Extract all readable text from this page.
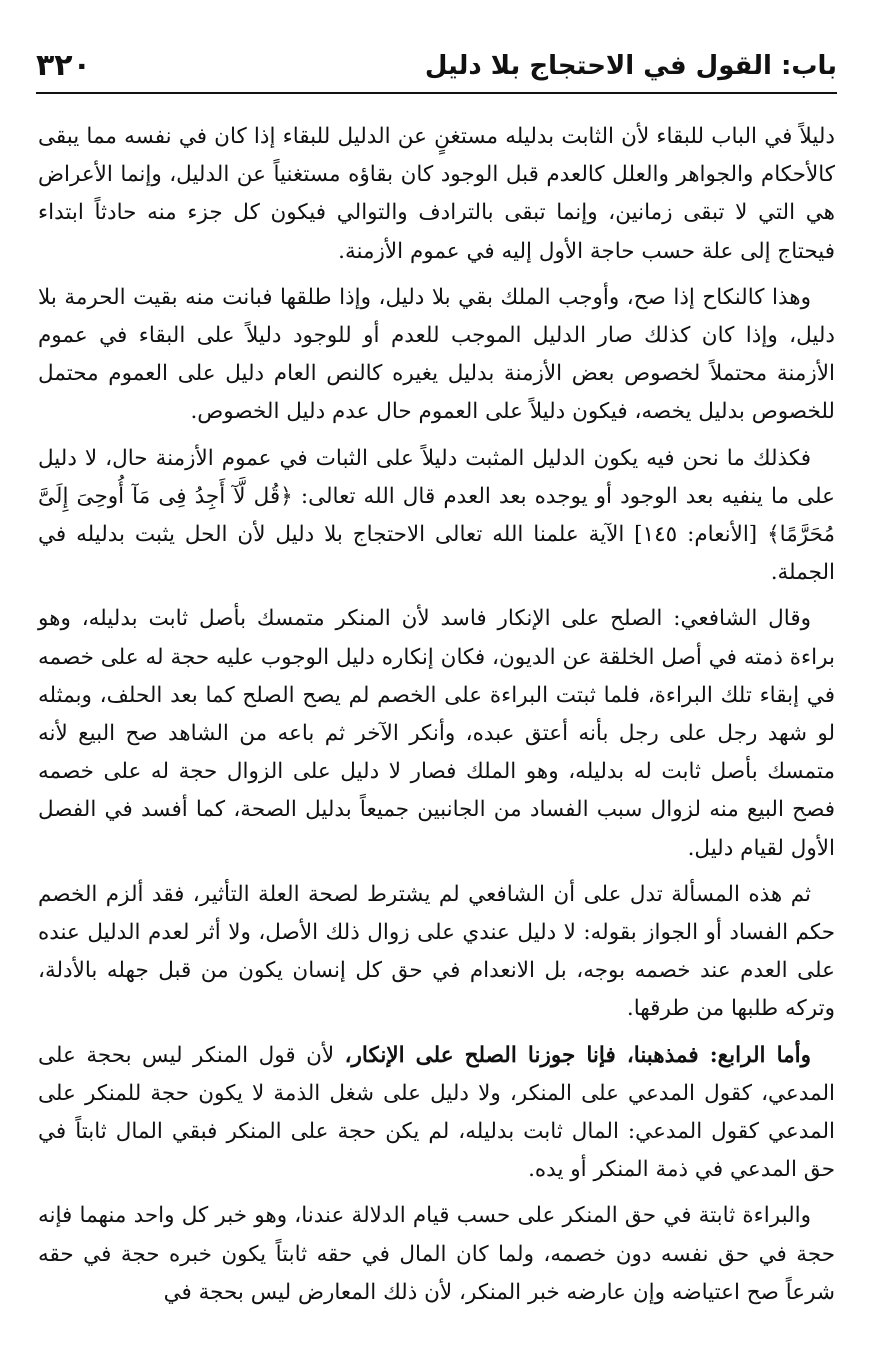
باب: القول في الاحتجاج بلا دليل
٣٢٠

دليلاً في الباب للبقاء لأن الثابت بدليله مستغنٍ عن الدليل للبقاء إذا كان في نفسه مما يبقى كالأحكام والجواهر والعلل كالعدم قبل الوجود كان بقاؤه مستغنياً عن الدليل، وإنما الأعراض هي التي لا تبقى زمانين، وإنما تبقى بالترادف والتوالي فيكون كل جزء منه حادثاً ابتداء فيحتاج إلى علة حسب حاجة الأول إليه في عموم الأزمنة.

وهذا كالنكاح إذا صح، وأوجب الملك بقي بلا دليل، وإذا طلقها فبانت منه بقيت الحرمة بلا دليل، وإذا كان كذلك صار الدليل الموجب للعدم أو للوجود دليلاً على البقاء في عموم الأزمنة محتملاً لخصوص بعض الأزمنة بدليل يغيره كالنص العام دليل على العموم محتمل للخصوص بدليل يخصه، فيكون دليلاً على العموم حال عدم دليل الخصوص.

فكذلك ما نحن فيه يكون الدليل المثبت دليلاً على الثبات في عموم الأزمنة حال، لا دليل على ما ينفيه بعد الوجود أو يوجده بعد العدم قال الله تعالى: ﴿قُل لَّآ أَجِدُ فِى مَآ أُوحِىَ إِلَىَّ مُحَرَّمًا﴾ [الأنعام: ١٤٥] الآية علمنا الله تعالى الاحتجاج بلا دليل لأن الحل يثبت بدليله في الجملة.

وقال الشافعي: الصلح على الإنكار فاسد لأن المنكر متمسك بأصل ثابت بدليله، وهو براءة ذمته في أصل الخلقة عن الديون، فكان إنكاره دليل الوجوب عليه حجة له على خصمه في إبقاء تلك البراءة، فلما ثبتت البراءة على الخصم لم يصح الصلح كما بعد الحلف، وبمثله لو شهد رجل على رجل بأنه أعتق عبده، وأنكر الآخر ثم باعه من الشاهد صح البيع لأنه متمسك بأصل ثابت له بدليله، وهو الملك فصار لا دليل على الزوال حجة له على خصمه فصح البيع منه لزوال سبب الفساد من الجانبين جميعاً بدليل الصحة، كما أفسد في الفصل الأول لقيام دليل.

ثم هذه المسألة تدل على أن الشافعي لم يشترط لصحة العلة التأثير، فقد ألزم الخصم حكم الفساد أو الجواز بقوله: لا دليل عندي على زوال ذلك الأصل، ولا أثر لعدم الدليل عنده على العدم عند خصمه بوجه، بل الانعدام في حق كل إنسان يكون من قبل جهله بالأدلة، وتركه طلبها من طرقها.

وأما الرابع: فمذهبنا، فإنا جوزنا الصلح على الإنكار، لأن قول المنكر ليس بحجة على المدعي، كقول المدعي على المنكر، ولا دليل على شغل الذمة لا يكون حجة للمنكر على المدعي كقول المدعي: المال ثابت بدليله، لم يكن حجة على المنكر فبقي المال ثابتاً في حق المدعي في ذمة المنكر أو يده.

والبراءة ثابتة في حق المنكر على حسب قيام الدلالة عندنا، وهو خبر كل واحد منهما فإنه حجة في حق نفسه دون خصمه، ولما كان المال في حقه ثابتاً يكون خبره حجة في حقه شرعاً صح اعتياضه وإن عارضه خبر المنكر، لأن ذلك المعارض ليس بحجة في
